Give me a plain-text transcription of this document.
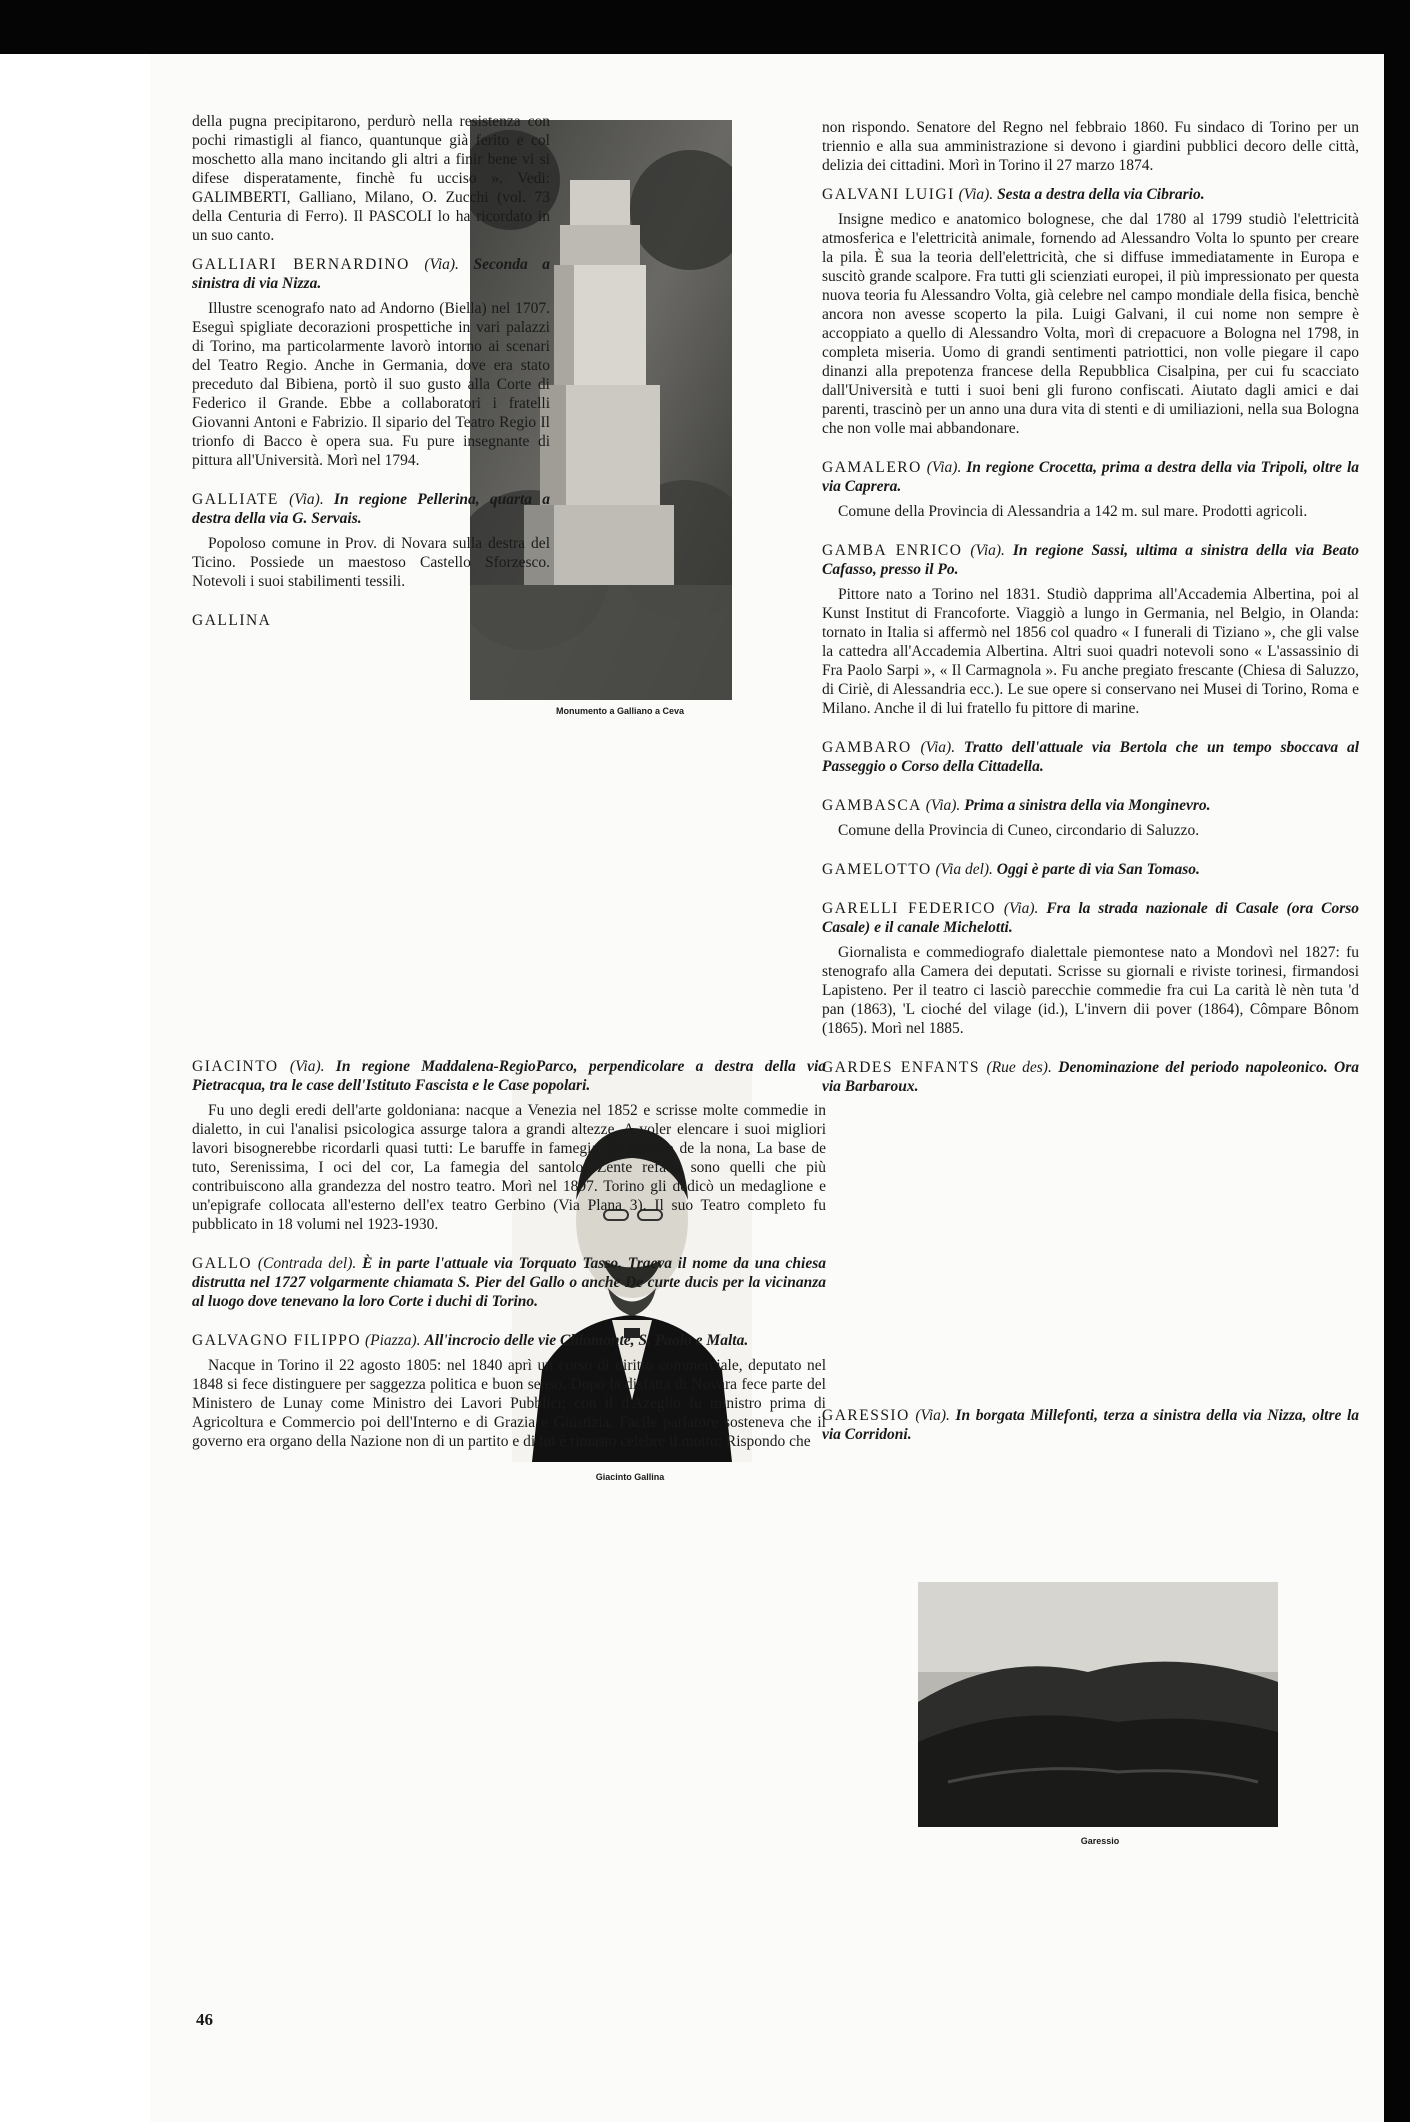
Monumento a Galliano a Ceva
Giacinto Gallina
Garessio

della pugna precipitarono, perdurò nella resistenza con pochi rimastigli al fianco, quantunque già ferito e col moschetto alla mano incitando gli altri a finir bene vi si difese disperatamente, finchè fu ucciso ». Vedi: GALIMBERTI, Galliano, Milano, O. Zucchi (vol. 73 della Centuria di Ferro). Il PASCOLI lo ha ricordato in un suo canto.

GALLIARI BERNARDINO (Via). Seconda a sinistra di via Nizza.

Illustre scenografo nato ad Andorno (Biella) nel 1707. Eseguì spigliate decorazioni prospettiche in vari palazzi di Torino, ma particolarmente lavorò intorno ai scenari del Teatro Regio. Anche in Germania, dove era stato preceduto dal Bibiena, portò il suo gusto alla Corte di Federico il Grande. Ebbe a collaboratori i fratelli Giovanni Antoni e Fabrizio. Il sipario del Teatro Regio Il trionfo di Bacco è opera sua. Fu pure insegnante di pittura all'Università. Morì nel 1794.

GALLIATE (Via). In regione Pellerina, quarta a destra della via G. Servais.

Popoloso comune in Prov. di Novara sulla destra del Ticino. Possiede un maestoso Castello Sforzesco. Notevoli i suoi stabilimenti tessili.

GALLINA GIACINTO (Via). In regione Maddalena-RegioParco, perpendicolare a destra della via Pietracqua, tra le case dell'Istituto Fascista e le Case popolari.

Fu uno degli eredi dell'arte goldoniana: nacque a Venezia nel 1852 e scrisse molte commedie in dialetto, in cui l'analisi psicologica assurge talora a grandi altezze. A voler elencare i suoi migliori lavori bisognerebbe ricordarli quasi tutti: Le baruffe in famegia, El moroso de la nona, La base de tuto, Serenissima, I oci del cor, La famegia del santolo, Zente refada sono quelli che più contribuiscono alla grandezza del nostro teatro. Morì nel 1897. Torino gli dedicò un medaglione e un'epigrafe collocata all'esterno dell'ex teatro Gerbino (Via Plana 3). Il suo Teatro completo fu pubblicato in 18 volumi nel 1923-1930.

GALLO (Contrada del). È in parte l'attuale via Torquato Tasso. Traeva il nome da una chiesa distrutta nel 1727 volgarmente chiamata S. Pier del Gallo o anche De curte ducis per la vicinanza al luogo dove tenevano la loro Corte i duchi di Torino.
GALVAGNO FILIPPO (Piazza). All'incrocio delle vie Chiomonte, S. Paolo e Malta.

Nacque in Torino il 22 agosto 1805: nel 1840 aprì un corso di diritto commerciale, deputato nel 1848 si fece distinguere per saggezza politica e buon senso. Dopo la disfatta di Novara fece parte del Ministero de Lunay come Ministro dei Lavori Pubblici; con il d'Azeglio fu ministro prima di Agricoltura e Commercio poi dell'Interno e di Grazia e Giustizia. Facile parlatore sosteneva che il governo era organo della Nazione non di un partito e di lui è rimasto celebre il motto: Rispondo che

non rispondo. Senatore del Regno nel febbraio 1860. Fu sindaco di Torino per un triennio e alla sua amministrazione si devono i giardini pubblici decoro delle città, delizia dei cittadini. Morì in Torino il 27 marzo 1874.

GALVANI LUIGI (Via). Sesta a destra della via Cibrario.

Insigne medico e anatomico bolognese, che dal 1780 al 1799 studiò l'elettricità atmosferica e l'elettricità animale, fornendo ad Alessandro Volta lo spunto per creare la pila. È sua la teoria dell'elettricità, che si diffuse immediatamente in Europa e suscitò grande scalpore. Fra tutti gli scienziati europei, il più impressionato per questa nuova teoria fu Alessandro Volta, già celebre nel campo mondiale della fisica, benchè ancora non avesse scoperto la pila. Luigi Galvani, il cui nome non sempre è accoppiato a quello di Alessandro Volta, morì di crepacuore a Bologna nel 1798, in completa miseria. Uomo di grandi sentimenti patriottici, non volle piegare il capo dinanzi alla prepotenza francese della Repubblica Cisalpina, per cui fu scacciato dall'Università e tutti i suoi beni gli furono confiscati. Aiutato dagli amici e dai parenti, trascinò per un anno una dura vita di stenti e di umiliazioni, nella sua Bologna che non volle mai abbandonare.

GAMALERO (Via). In regione Crocetta, prima a destra della via Tripoli, oltre la via Caprera.

Comune della Provincia di Alessandria a 142 m. sul mare. Prodotti agricoli.

GAMBA ENRICO (Via). In regione Sassi, ultima a sinistra della via Beato Cafasso, presso il Po.

Pittore nato a Torino nel 1831. Studiò dapprima all'Accademia Albertina, poi al Kunst Institut di Francoforte. Viaggiò a lungo in Germania, nel Belgio, in Olanda: tornato in Italia si affermò nel 1856 col quadro « I funerali di Tiziano », che gli valse la cattedra all'Accademia Albertina. Altri suoi quadri notevoli sono « L'assassinio di Fra Paolo Sarpi », « Il Carmagnola ». Fu anche pregiato frescante (Chiesa di Saluzzo, di Ciriè, di Alessandria ecc.). Le sue opere si conservano nei Musei di Torino, Roma e Milano. Anche il di lui fratello fu pittore di marine.

GAMBARO (Via). Tratto dell'attuale via Bertola che un tempo sboccava al Passeggio o Corso della Cittadella.
GAMBASCA (Via). Prima a sinistra della via Monginevro.

Comune della Provincia di Cuneo, circondario di Saluzzo.

GAMELOTTO (Via del). Oggi è parte di via San Tomaso.
GARELLI FEDERICO (Via). Fra la strada nazionale di Casale (ora Corso Casale) e il canale Michelotti.

Giornalista e commediografo dialettale piemontese nato a Mondovì nel 1827: fu stenografo alla Camera dei deputati. Scrisse su giornali e riviste torinesi, firmandosi Lapisteno. Per il teatro ci lasciò parecchie commedie fra cui La carità lè nèn tuta 'd pan (1863), 'L cioché del vilage (id.), L'invern dii pover (1864), Cômpare Bônom (1865). Morì nel 1885.

GARDES ENFANTS (Rue des). Denominazione del periodo napoleonico. Ora via Barbaroux.
GARESSIO (Via). In borgata Millefonti, terza a sinistra della via Nizza, oltre la via Corridoni.
46
